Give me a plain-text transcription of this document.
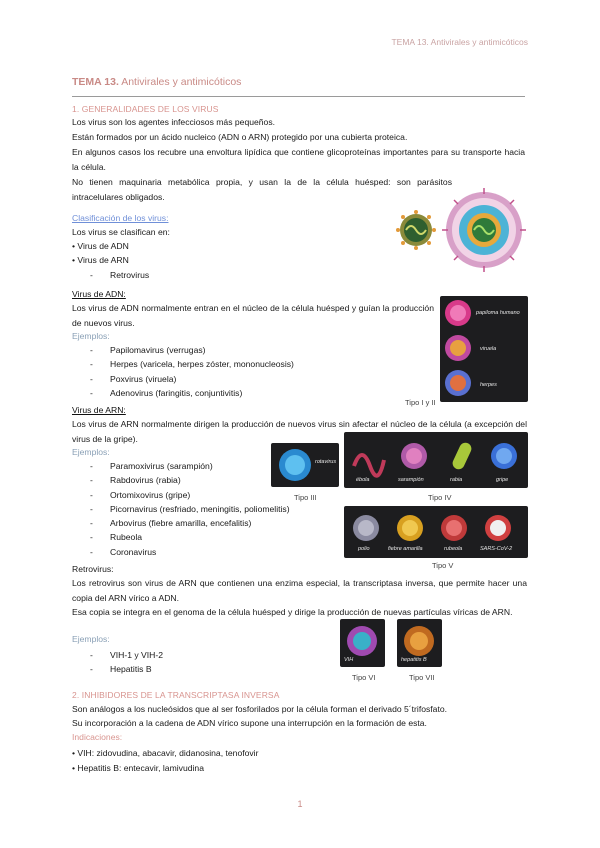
TEMA 13. Antivirales y antimicóticos
TEMA 13. Antivirales y antimicóticos
1. GENERALIDADES DE LOS VIRUS
Los virus son los agentes infecciosos más pequeños.
Están formados por un ácido nucleico (ADN o ARN) protegido por una cubierta proteica.
En algunos casos los recubre una envoltura lipídica que contiene glicoproteínas importantes para su transporte hacia la célula.
No tienen maquinaria metabólica propia, y usan la de la célula huésped: son parásitos intracelulares obligados.
Clasificación de los virus:
Los virus se clasifican en:
• Virus de ADN
• Virus de ARN
- Retrovirus
Virus de ADN:
Los virus de ADN normalmente entran en el núcleo de la célula huésped y guían la producción de nuevos virus.
Ejemplos:
- Papilomavirus (verrugas)
- Herpes (varicela, herpes zóster, mononucleosis)
- Poxvirus (viruela)
- Adenovirus (faringitis, conjuntivitis)
papiloma humano
viruela
herpes
Tipo I y II
Virus de ARN:
Los virus de ARN normalmente dirigen la producción de nuevos virus sin afectar el núcleo de la célula (a excepción del virus de la gripe).
Ejemplos:
- Paramoxivirus (sarampión)
- Rabdovirus (rabia)
- Ortomixovirus (gripe)
- Picornavirus (resfriado, meningitis, poliomelitis)
- Arbovirus (fiebre amarilla, encefalitis)
- Rubeola
- Coronavirus
rotavirus
Tipo III
ébola	sarampión	rabia	gripe
Tipo IV
polio	fiebre amarilla	rubeola	SARS-CoV-2
Tipo V
Retrovirus:
Los retrovirus son virus de ARN que contienen una enzima especial, la transcriptasa inversa, que permite hacer una copia del ARN vírico a ADN.
Esa copia se integra en el genoma de la célula huésped y dirige la producción de nuevas partículas víricas de ARN.
Ejemplos:
- VIH-1 y VIH-2
- Hepatitis B
VIH	hepatitis B
Tipo VI	Tipo VII
2. INHIBIDORES DE LA TRANSCRIPTASA INVERSA
Son análogos a los nucleósidos que al ser fosforilados por la célula forman el derivado 5´trifosfato.
Su incorporación a la cadena de ADN vírico supone una interrupción en la formación de esta.
Indicaciones:
• VIH: zidovudina, abacavir, didanosina, tenofovir
• Hepatitis B: entecavir, lamivudina
1
